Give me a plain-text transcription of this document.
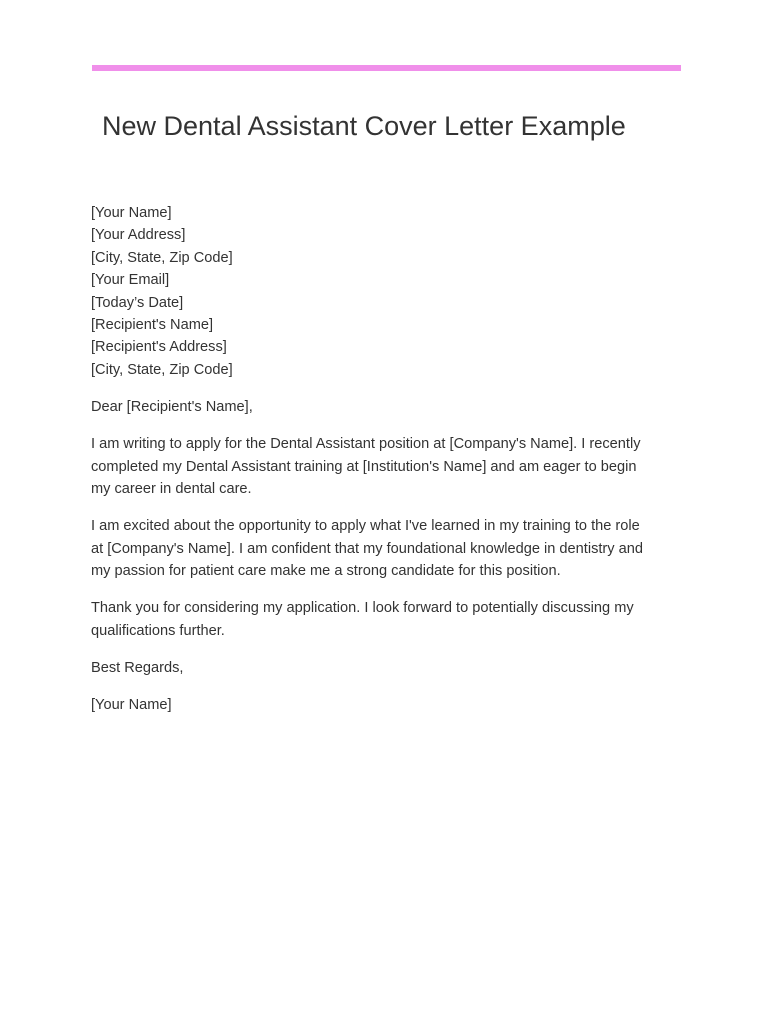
New Dental Assistant Cover Letter Example
[Your Name]
[Your Address]
[City, State, Zip Code]
[Your Email]
[Today’s Date]
[Recipient's Name]
[Recipient's Address]
[City, State, Zip Code]

Dear [Recipient's Name],

I am writing to apply for the Dental Assistant position at [Company's Name]. I recently completed my Dental Assistant training at [Institution's Name] and am eager to begin my career in dental care.

I am excited about the opportunity to apply what I've learned in my training to the role at [Company's Name]. I am confident that my foundational knowledge in dentistry and my passion for patient care make me a strong candidate for this position.

Thank you for considering my application. I look forward to potentially discussing my qualifications further.

Best Regards,

[Your Name]
